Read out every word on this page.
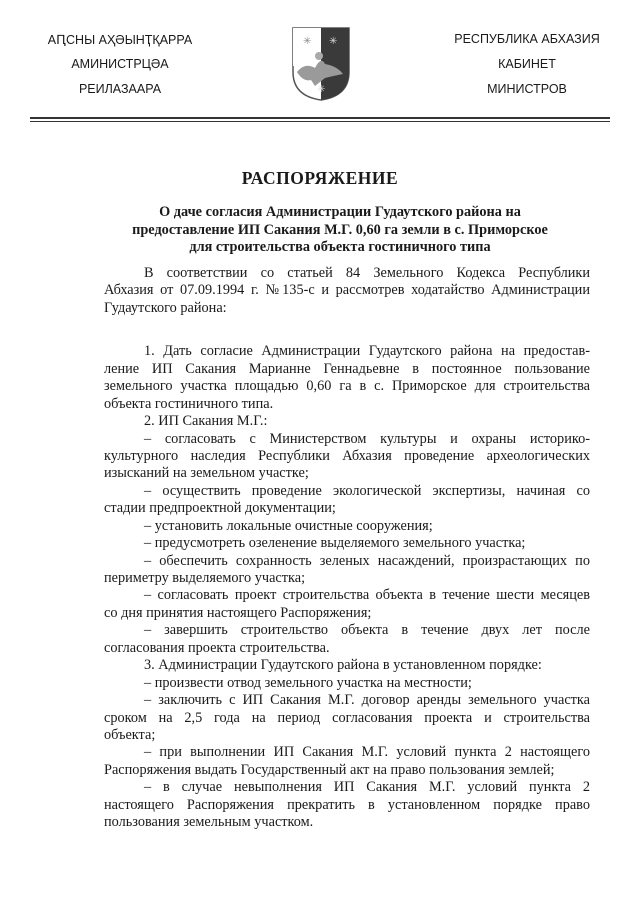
АԤСНЫ АҲӘЫНҬҚАРРА
АМИНИСТРЦӘА
РЕИЛАЗААРА
✳ ✳
✳
РЕСПУБЛИКА АБХАЗИЯ
КАБИНЕТ
МИНИСТРОВ
РАСПОРЯЖЕНИЕ
О даче согласия Администрации Гудаутского района на
предоставление ИП Сакания М.Г. 0,60 га земли в с. Приморское
для строительства объекта гостиничного типа
В соответствии со статьей 84 Земельного Кодекса Республики
Абхазия от 07.09.1994 г. №135-с и рассмотрев ходатайство Администрации
Гудаутского района:
1. Дать согласие Администрации Гудаутского района на предостав-
ление ИП Сакания Марианне Геннадьевне в постоянное пользование
земельного участка площадью 0,60 га в с. Приморское для строительства
объекта гостиничного типа.
2. ИП Сакания М.Г.:
– согласовать с Министерством культуры и охраны историко-
культурного наследия Республики Абхазия проведение археологических
изысканий на земельном участке;
– осуществить проведение экологической экспертизы, начиная со
стадии предпроектной документации;
– установить локальные очистные сооружения;
– предусмотреть озеленение выделяемого земельного участка;
– обеспечить сохранность зеленых насаждений, произрастающих по
периметру выделяемого участка;
– согласовать проект строительства объекта в течение шести месяцев
со дня принятия настоящего Распоряжения;
– завершить строительство объекта в течение двух лет после
согласования проекта строительства.
3. Администрации Гудаутского района в установленном порядке:
– произвести отвод земельного участка на местности;
– заключить с ИП Сакания М.Г. договор аренды земельного участка
сроком на 2,5 года на период согласования проекта и строительства
объекта;
– при выполнении ИП Сакания М.Г. условий пункта 2 настоящего
Распоряжения выдать Государственный акт на право пользования землей;
– в случае невыполнения ИП Сакания М.Г. условий пункта 2
настоящего Распоряжения прекратить в установленном порядке право
пользования земельным участком.
